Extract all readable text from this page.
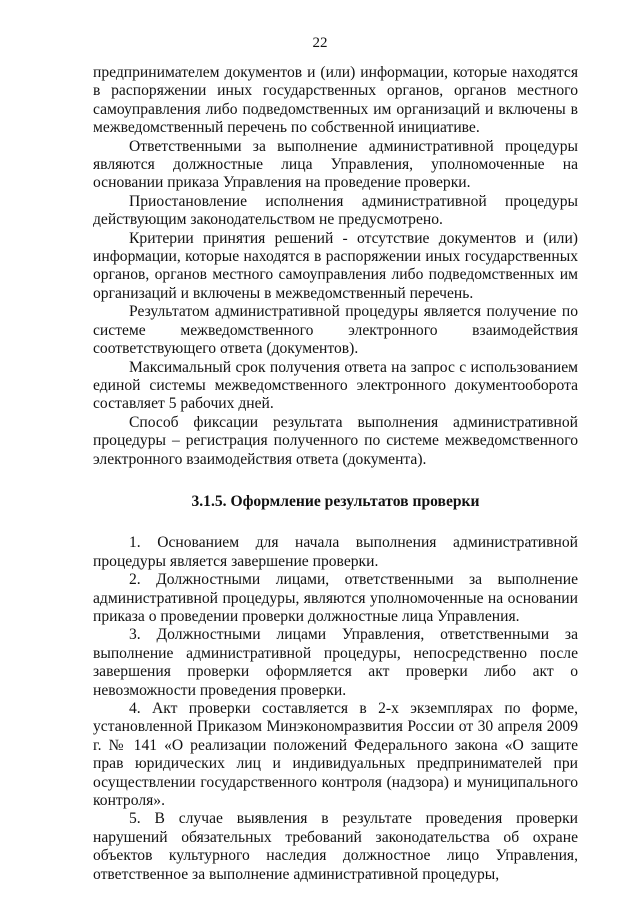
22

предпринимателем документов и (или) информации, которые находятся в распоряжении иных государственных органов, органов местного самоуправления либо подведомственных им организаций и включены в межведомственный перечень по собственной инициативе.

Ответственными за выполнение административной процедуры являются должностные лица Управления, уполномоченные на основании приказа Управления на проведение проверки.

Приостановление исполнения административной процедуры действующим законодательством не предусмотрено.

Критерии принятия решений - отсутствие документов и (или) информации, которые находятся в распоряжении иных государственных органов, органов местного самоуправления либо подведомственных им организаций и включены в межведомственный перечень.

Результатом административной процедуры является получение по системе межведомственного электронного взаимодействия соответствующего ответа (документов).

Максимальный срок получения ответа на запрос с использованием единой системы межведомственного электронного документооборота составляет 5 рабочих дней.

Способ фиксации результата выполнения административной процедуры – регистрация полученного по системе межведомственного электронного взаимодействия ответа (документа).

3.1.5. Оформление результатов проверки

1. Основанием для начала выполнения административной процедуры является завершение проверки.

2. Должностными лицами, ответственными за выполнение административной процедуры, являются уполномоченные на основании приказа о проведении проверки должностные лица Управления.

3. Должностными лицами Управления, ответственными за выполнение административной процедуры, непосредственно после завершения проверки оформляется акт проверки либо акт о невозможности проведения проверки.

4. Акт проверки составляется в 2-х экземплярах по форме, установленной Приказом Минэкономразвития России от 30 апреля 2009 г. № 141 «О реализации положений Федерального закона «О защите прав юридических лиц и индивидуальных предпринимателей при осуществлении государственного контроля (надзора) и муниципального контроля».

5. В случае выявления в результате проведения проверки нарушений обязательных требований законодательства об охране объектов культурного наследия должностное лицо Управления, ответственное за выполнение административной процедуры,
